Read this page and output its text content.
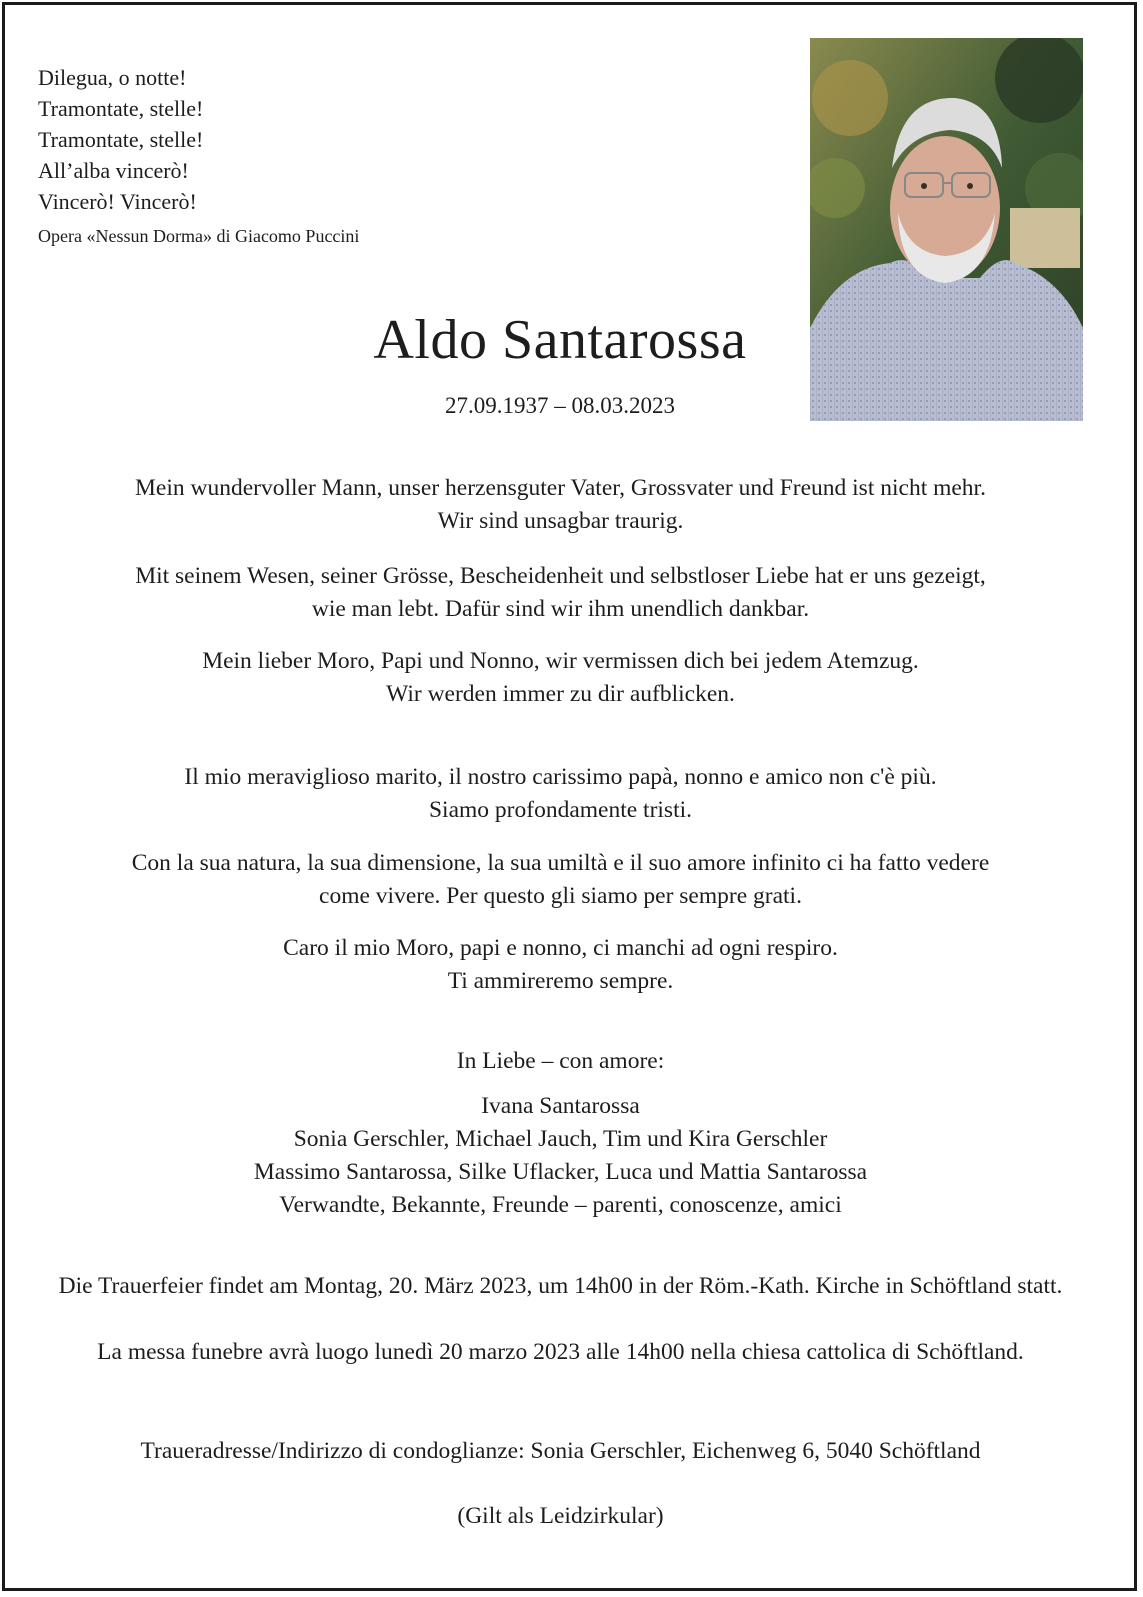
Dilegua, o notte!
Tramontate, stelle!
Tramontate, stelle!
All’alba vincerò!
Vincerò! Vincerò!
Opera «Nessun Dorma» di Giacomo Puccini
Aldo Santarossa
27.09.1937 – 08.03.2023
Mein wundervoller Mann, unser herzensguter Vater, Grossvater und Freund ist nicht mehr.
Wir sind unsagbar traurig.
Mit seinem Wesen, seiner Grösse, Bescheidenheit und selbstloser Liebe hat er uns gezeigt,
wie man lebt. Dafür sind wir ihm unendlich dankbar.
Mein lieber Moro, Papi und Nonno, wir vermissen dich bei jedem Atemzug.
Wir werden immer zu dir aufblicken.
Il mio meraviglioso marito, il nostro carissimo papà, nonno e amico non c'è più.
Siamo profondamente tristi.
Con la sua natura, la sua dimensione, la sua umiltà e il suo amore infinito ci ha fatto vedere
come vivere. Per questo gli siamo per sempre grati.
Caro il mio Moro, papi e nonno, ci manchi ad ogni respiro.
Ti ammireremo sempre.
In Liebe – con amore:
Ivana Santarossa
Sonia Gerschler, Michael Jauch, Tim und Kira Gerschler
Massimo Santarossa, Silke Uflacker, Luca und Mattia Santarossa
Verwandte, Bekannte, Freunde – parenti, conoscenze, amici
Die Trauerfeier findet am Montag, 20. März 2023, um 14h00 in der Röm.-Kath. Kirche in Schöftland statt.
La messa funebre avrà luogo lunedì 20 marzo 2023 alle 14h00 nella chiesa cattolica di Schöftland.
Traueradresse/Indirizzo di condoglianze: Sonia Gerschler, Eichenweg 6, 5040 Schöftland
(Gilt als Leidzirkular)
